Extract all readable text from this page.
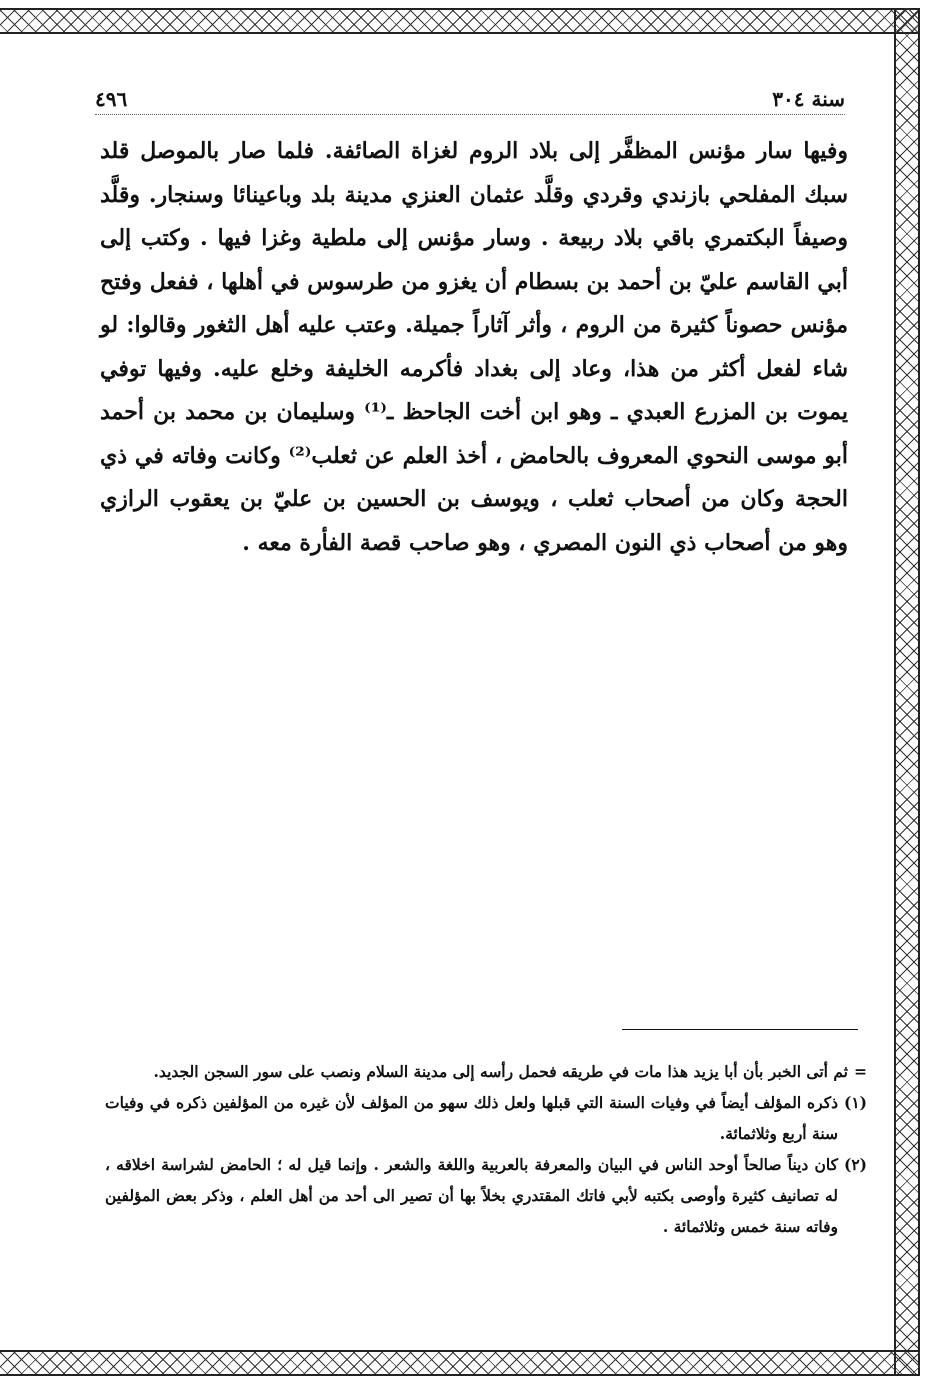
سنة ٣٠٤
٤٩٦

وفيها سار مؤنس المظفَّر إلى بلاد الروم لغزاة الصائفة. فلما صار بالموصل قلد سبك المفلحي بازندي وقردي وقلَّد عثمان العنزي مدينة بلد وباعينائا وسنجار. وقلَّد وصيفاً البكتمري باقي بلاد ربيعة . وسار مؤنس إلى ملطية وغزا فيها . وكتب إلى أبي القاسم عليّ بن أحمد بن بسطام أن يغزو من طرسوس في أهلها ، ففعل وفتح مؤنس حصوناً كثيرة من الروم ، وأثر آثاراً جميلة. وعتب عليه أهل الثغور وقالوا: لو شاء لفعل أكثر من هذا، وعاد إلى بغداد فأكرمه الخليفة وخلع عليه. وفيها توفي يموت بن المزرع العبدي ـ وهو ابن أخت الجاحظ ـ⁽¹⁾ وسليمان بن محمد بن أحمد أبو موسى النحوي المعروف بالحامض ، أخذ العلم عن ثعلب⁽²⁾ وكانت وفاته في ذي الحجة وكان من أصحاب ثعلب ، ويوسف بن الحسين بن عليّ بن يعقوب الرازي وهو من أصحاب ذي النون المصري ، وهو صاحب قصة الفأرة معه .

=
ثم أتى الخبر بأن أبا يزيد هذا مات في طريقه فحمل رأسه إلى مدينة السلام ونصب على سور السجن الجديد.
(١)
ذكره المؤلف أيضاً في وفيات السنة التي قبلها ولعل ذلك سهو من المؤلف لأن غيره من المؤلفين ذكره في وفيات سنة أربع وثلاثمائة.
(٢)
كان ديناً صالحاً أوحد الناس في البيان والمعرفة بالعربية واللغة والشعر . وإنما قيل له ؛ الحامض لشراسة اخلاقه ، له تصانيف كثيرة وأوصى بكتبه لأبي فاتك المقتدري بخلاً بها أن تصير الى أحد من أهل العلم ، وذكر بعض المؤلفين وفاته سنة خمس وثلاثمائة .
